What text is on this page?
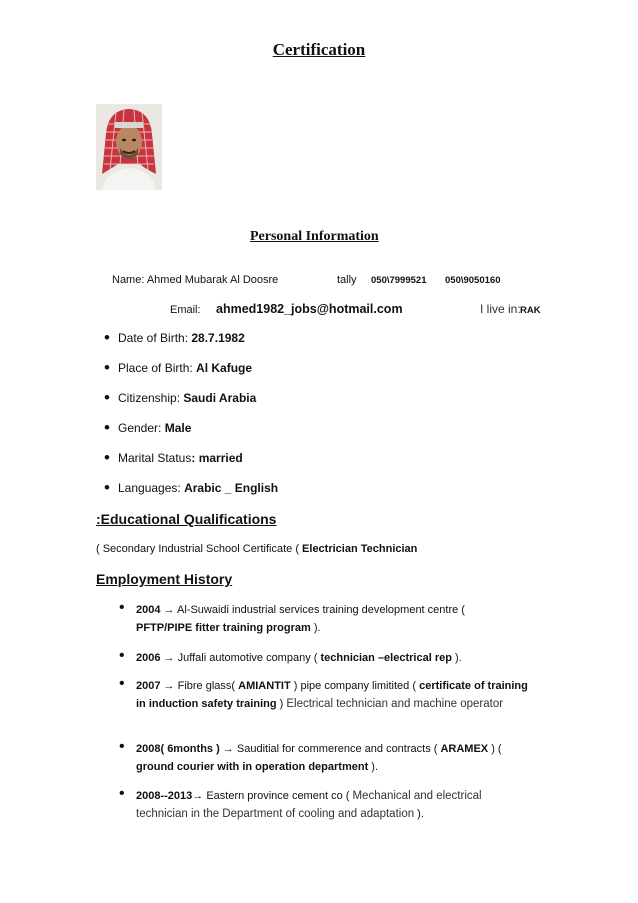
Certification
Personal Information
Name: Ahmed Mubarak Al Doosre	tally 050\7999521 050\9050160
Email: ahmed1982_jobs@hotmail.com	I live in: RAK
• Date of Birth: 28.7.1982
• Place of Birth: Al Kafuge
• Citizenship: Saudi Arabia
• Gender: Male
• Marital Status: married
• Languages: Arabic _ English
:Educational Qualifications
( Secondary Industrial School Certificate ( Electrician Technician
Employment History
• 2004 → Al-Suwaidi industrial services training development centre (
PFTP/PIPE fitter training program ).
• 2006 → Juffali automotive company ( technician –electrical rep ).
• 2007 → Fibre glass( AMIANTIT ) pipe company limitited ( certificate of training in induction safety training ) Electrical technician and machine operator
• 2008( 6months ) → Sauditial for commerence and contracts ( ARAMEX ) ( ground courier with in operation department ).
• 2008--2013→ Eastern province cement co ( Mechanical and electrical technician in the Department of cooling and adaptation ).
